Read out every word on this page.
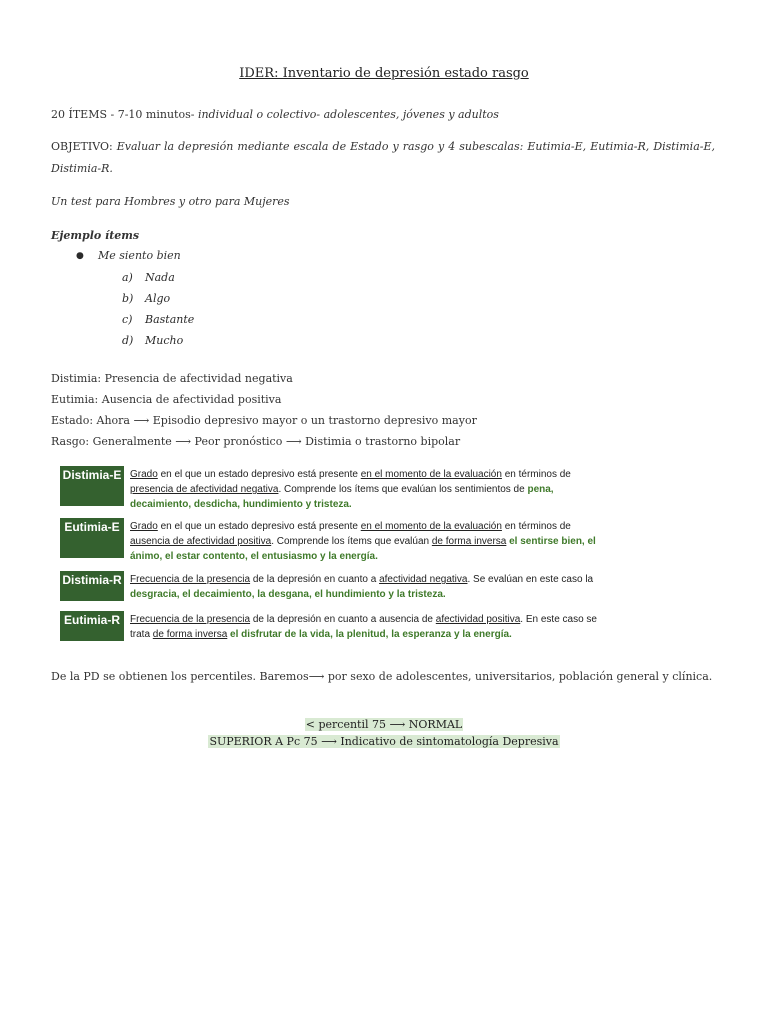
IDER: Inventario de depresión estado rasgo
20 ÍTEMS - 7-10 minutos- individual o colectivo- adolescentes, jóvenes y adultos
OBJETIVO: Evaluar la depresión mediante escala de Estado y rasgo y 4 subescalas: Eutimia-E, Eutimia-R, Distimia-E, Distimia-R.
Un test para Hombres y otro para Mujeres
Ejemplo ítems
● Me siento bien
a) Nada
b) Algo
c) Bastante
d) Mucho
Distimia: Presencia de afectividad negativa
Eutimia: Ausencia de afectividad positiva
Estado: Ahora ⟶ Episodio depresivo mayor o un trastorno depresivo mayor
Rasgo: Generalmente ⟶ Peor pronóstico ⟶ Distimia o trastorno bipolar
Distimia-E Grado en el que un estado depresivo está presente en el momento de la evaluación en términos de presencia de afectividad negativa. Comprende los ítems que evalúan los sentimientos de pena, decaimiento, desdicha, hundimiento y tristeza.
Eutimia-E	Grado en el que un estado depresivo está presente en el momento de la evaluación en términos de ausencia de afectividad positiva. Comprende los ítems que evalúan de forma inversa el sentirse bien, el ánimo, el estar contento, el entusiasmo y la energía.
Distimia-R Frecuencia de la presencia de la depresión en cuanto a afectividad negativa. Se evalúan en este caso la desgracia, el decaimiento, la desgana, el hundimiento y la tristeza.
Eutimia-R	Frecuencia de la presencia de la depresión en cuanto a ausencia de afectividad positiva. En este caso se trata de forma inversa el disfrutar de la vida, la plenitud, la esperanza y la energía.
De la PD se obtienen los percentiles. Baremos⟶ por sexo de adolescentes, universitarios, población general y clínica.
< percentil 75 ⟶ NORMAL
SUPERIOR A Pc 75 ⟶ Indicativo de sintomatología Depresiva
